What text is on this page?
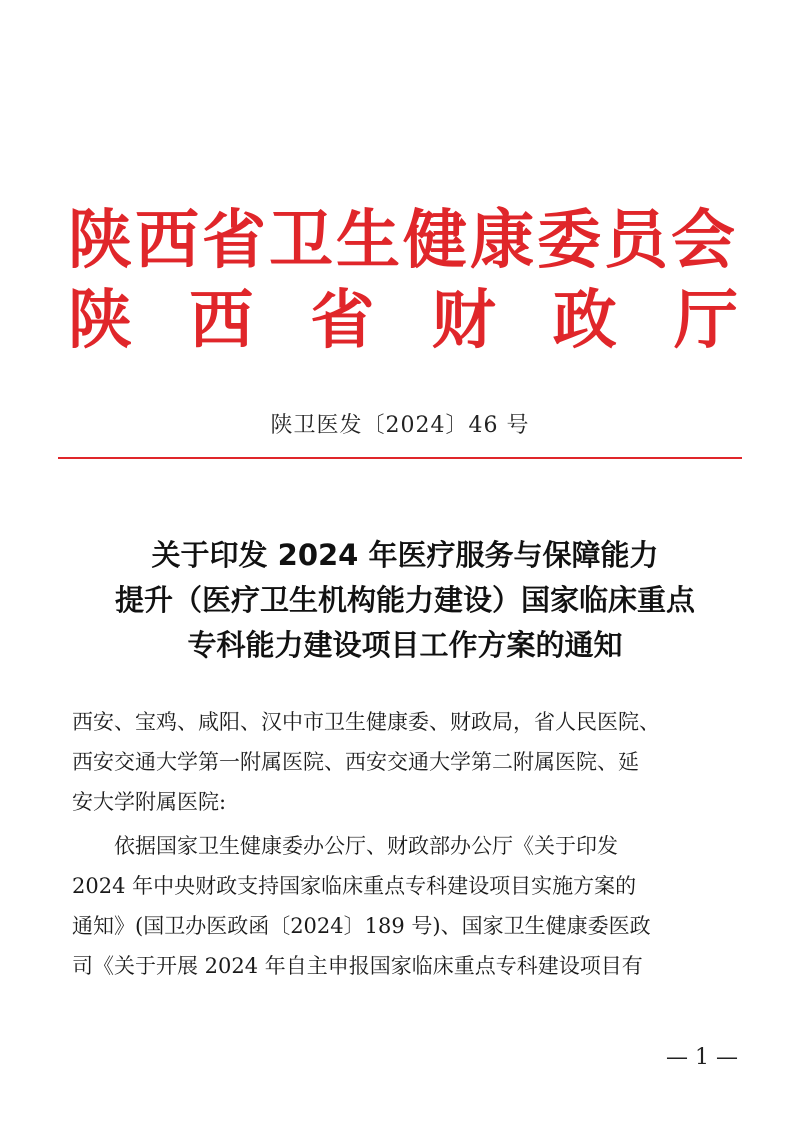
陕西省卫生健康委员会
陕 西 省 财 政 厅
陕卫医发〔2024〕46 号
关于印发 2024 年医疗服务与保障能力
提升（医疗卫生机构能力建设）国家临床重点
专科能力建设项目工作方案的通知
西安、宝鸡、咸阳、汉中市卫生健康委、财政局，省人民医院、
西安交通大学第一附属医院、西安交通大学第二附属医院、延
安大学附属医院:
　　依据国家卫生健康委办公厅、财政部办公厅《关于印发
2024 年中央财政支持国家临床重点专科建设项目实施方案的
通知》(国卫办医政函〔2024〕189 号)、国家卫生健康委医政
司《关于开展 2024 年自主申报国家临床重点专科建设项目有
— 1 —
